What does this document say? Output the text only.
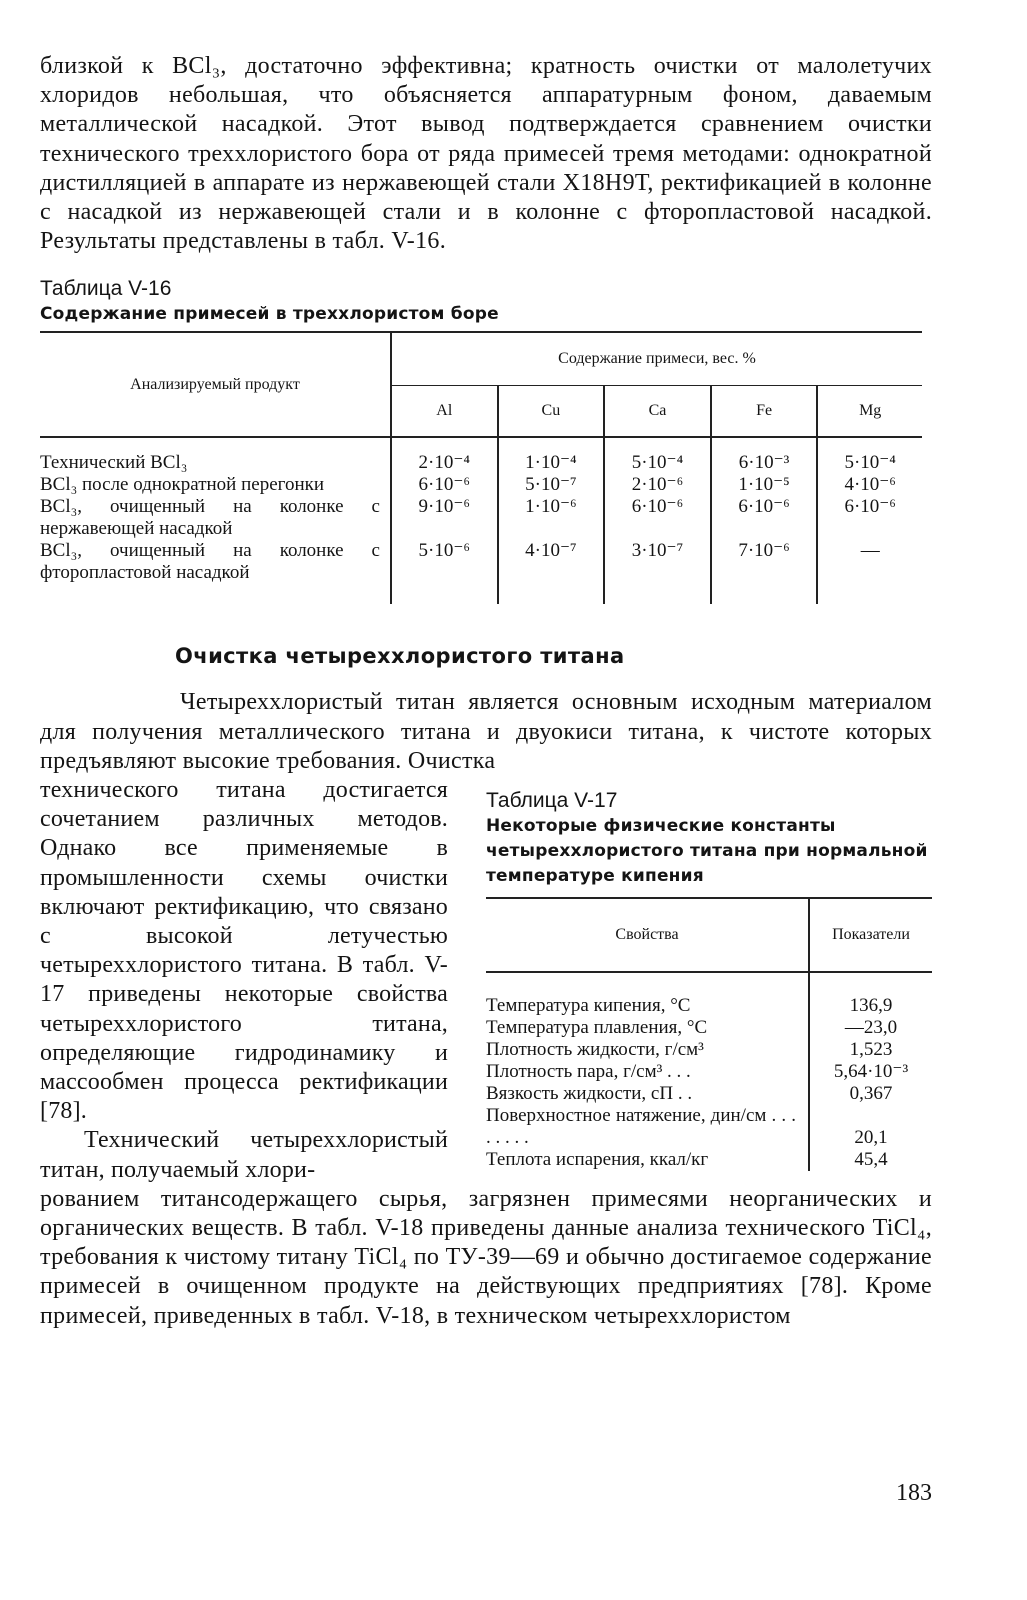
близкой к BCl₃, достаточно эффективна; кратность очистки от малолетучих хлоридов небольшая, что объясняется аппаратурным фоном, даваемым металлической насадкой. Этот вывод подтверждается сравнением очистки технического треххлористого бора от ряда примесей тремя методами: однократной дистилляцией в аппарате из нержавеющей стали Х18Н9Т, ректификацией в колонне с насадкой из нержавеющей стали и в колонне с фторопластовой насадкой. Результаты представлены в табл. V-16.

Таблица V-16
Содержание примесей в треххлористом боре
Анализируемый продукт	Содержание примеси, вес. %				
	Al	Cu	Ca	Fe	Mg
Технический BCl₃	2·10⁻⁴	1·10⁻⁴	5·10⁻⁴	6·10⁻³	5·10⁻⁴
BCl₃ после однократной перегонки	6·10⁻⁶	5·10⁻⁷	2·10⁻⁶	1·10⁻⁵	4·10⁻⁶
BCl₃, очищенный на колонке с нержавеющей насадкой	9·10⁻⁶	1·10⁻⁶	6·10⁻⁶	6·10⁻⁶	6·10⁻⁶
BCl₃, очищенный на колонке с фторопластовой насадкой	5·10⁻⁶	4·10⁻⁷	3·10⁻⁷	7·10⁻⁶	—
Очистка четыреххлористого титана

Четыреххлористый титан является основным исходным материалом для получения металлического титана и двуокиси титана, к чистоте которых предъявляют высокие требования. Очистка

технического титана достигается сочетанием различных методов. Однако все применяемые в промышленности схемы очистки включают ректификацию, что связано с высокой летучестью четыреххлористого титана. В табл. V-17 приведены некоторые свойства четыреххлористого титана, определяющие гидродинамику и массообмен процесса ректификации [78].

Технический четыреххлористый титан, получаемый хлори-

Таблица V-17
Некоторые физические константы четыреххлористого титана при нормальной температуре кипения
Свойства	Показатели
Температура кипения, °С	136,9
Температура плавления, °С	—23,0
Плотность жидкости, г/см³	1,523
Плотность пара, г/см³ . . .	5,64·10⁻³
Вязкость жидкости, сП . .	0,367
Поверхностное натяжение, дин/см . . . . . . . .	20,1
Теплота испарения, ккал/кг	45,4

рованием титансодержащего сырья, загрязнен примесями неорганических и органических веществ. В табл. V-18 приведены данные анализа технического TiCl₄, требования к чистому титану TiCl₄ по ТУ-39—69 и обычно достигаемое содержание примесей в очищенном продукте на действующих предприятиях [78]. Кроме примесей, приведенных в табл. V-18, в техническом четыреххлористом

183
